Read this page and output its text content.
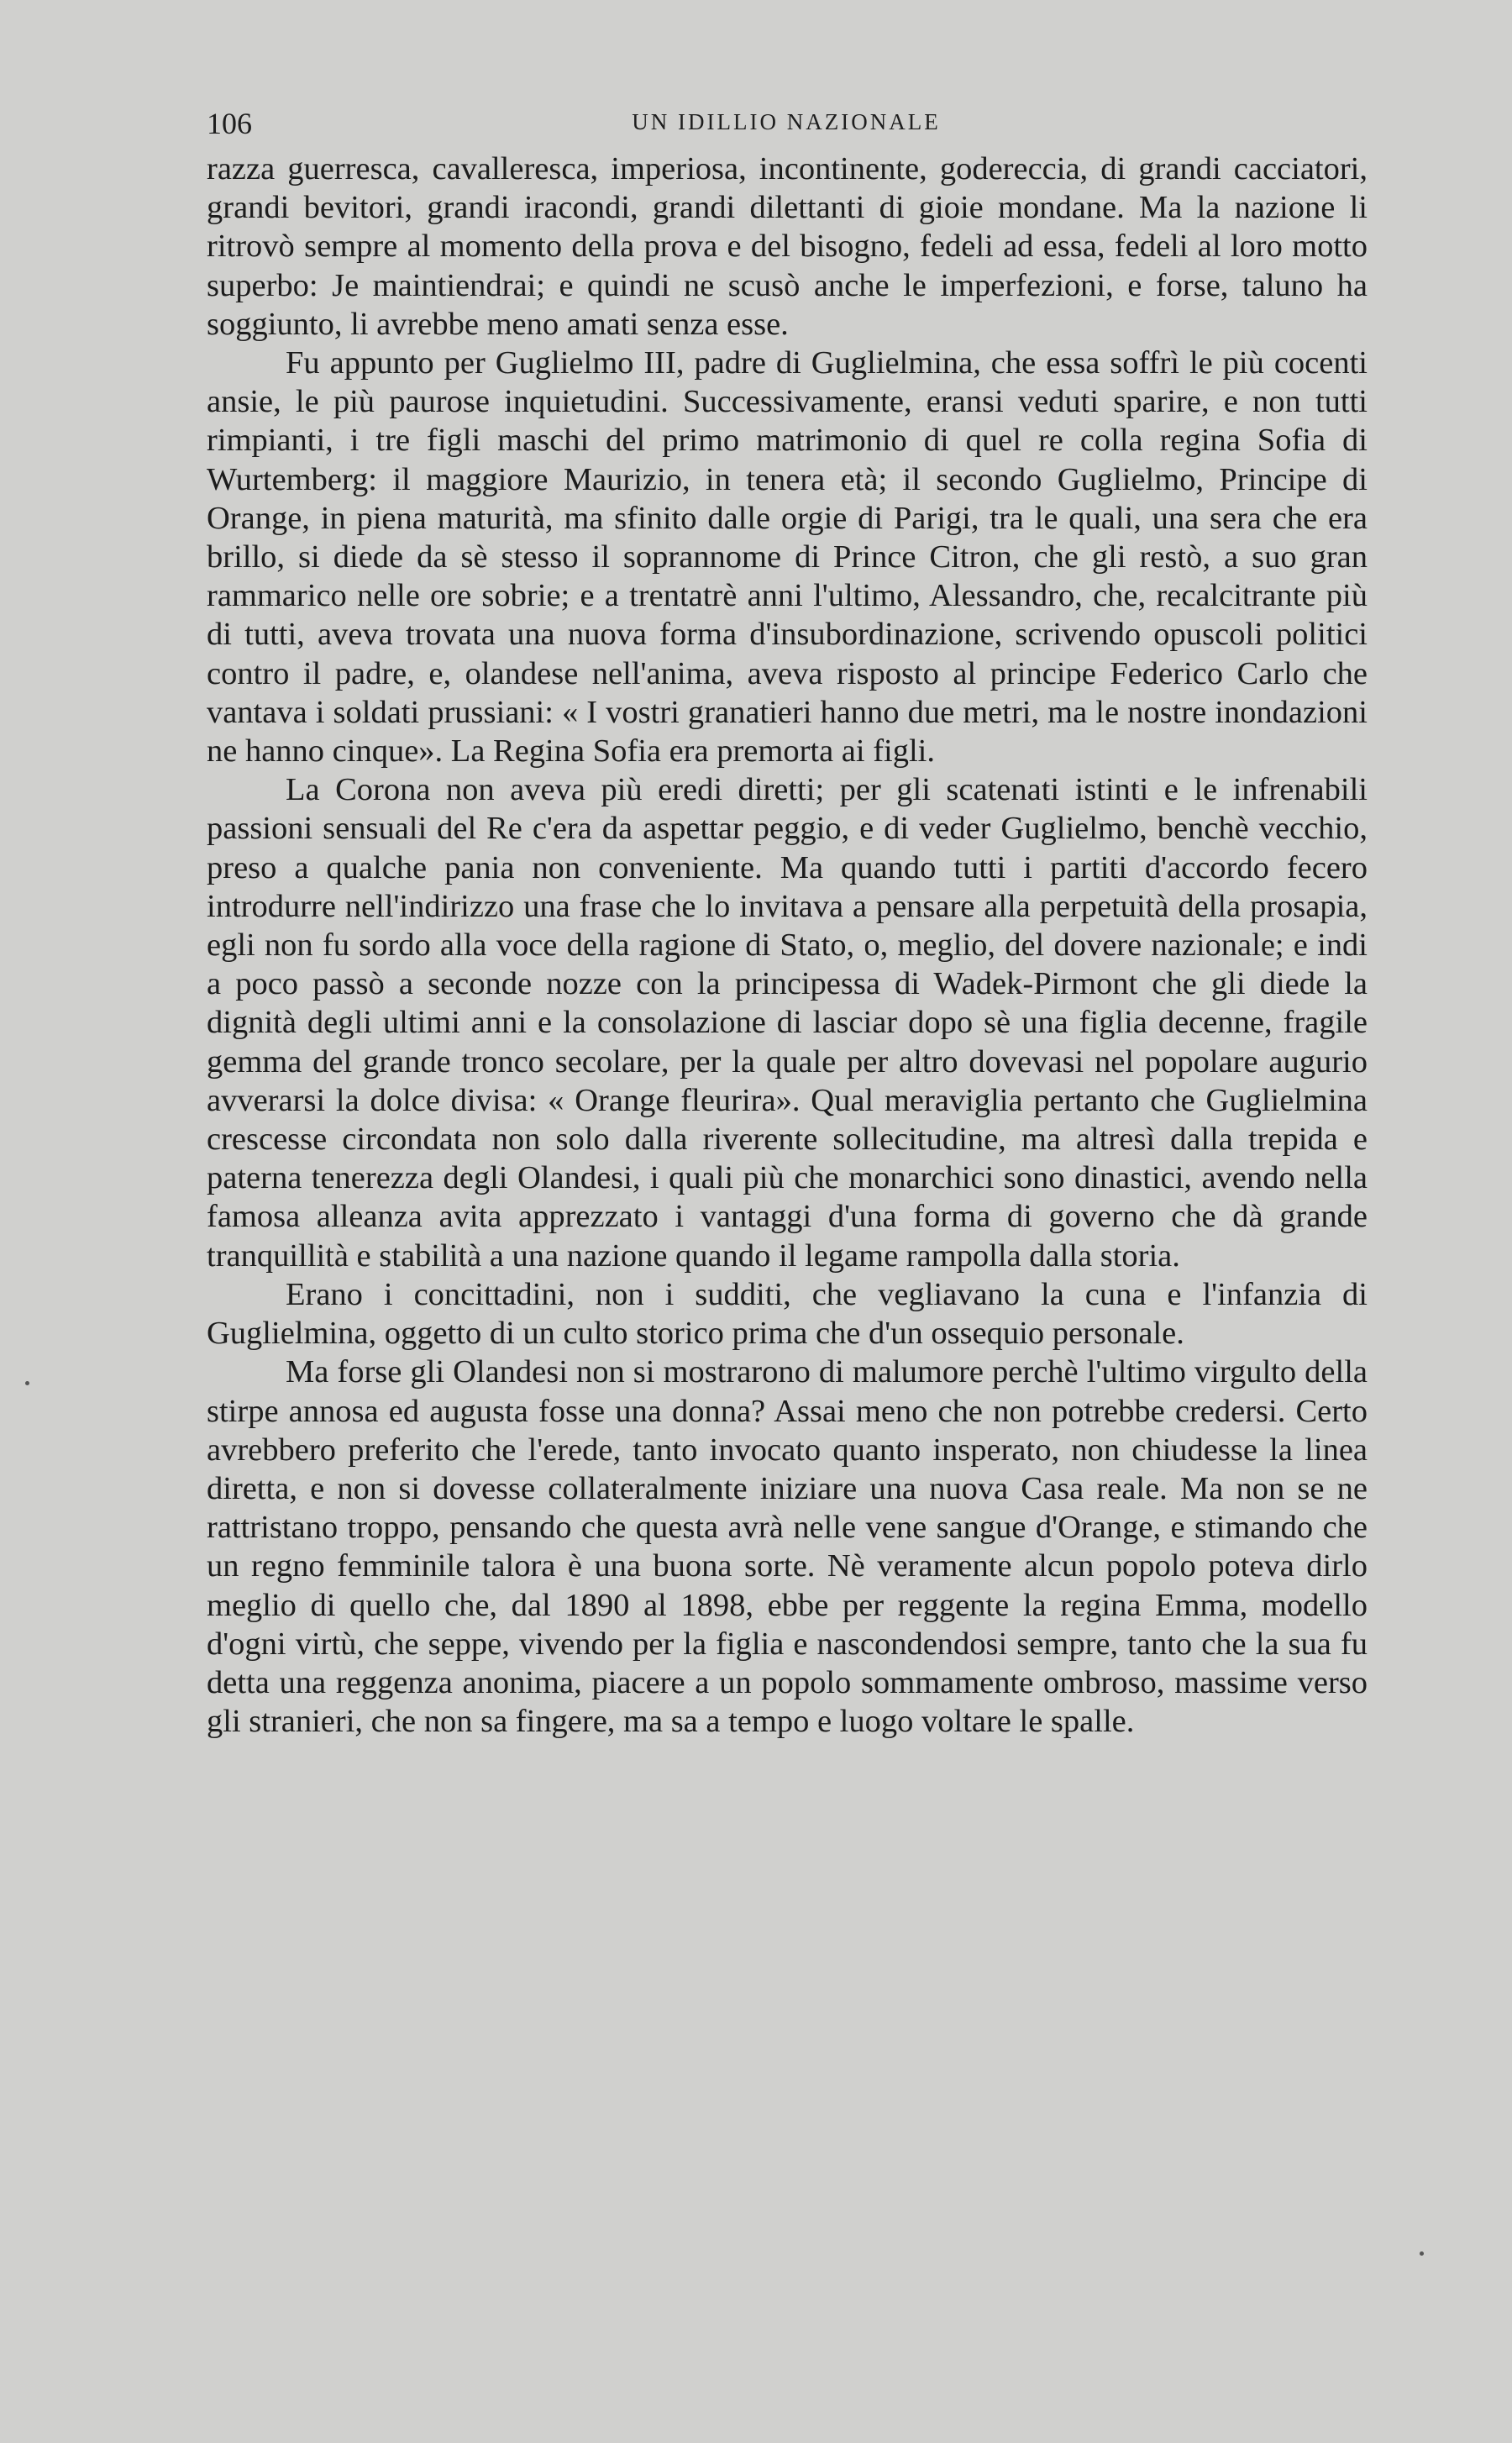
106	UN IDILLIO NAZIONALE

razza guerresca, cavalleresca, imperiosa, incontinente, godereccia, di grandi cacciatori, grandi bevitori, grandi iracondi, grandi dilettanti di gioie mondane. Ma la nazione li ritrovò sempre al momento della prova e del bisogno, fedeli ad essa, fedeli al loro motto superbo: Je maintiendrai; e quindi ne scusò anche le imperfezioni, e forse, taluno ha soggiunto, li avrebbe meno amati senza esse.

Fu appunto per Guglielmo III, padre di Guglielmina, che essa soffrì le più cocenti ansie, le più paurose inquietudini. Successivamente, eransi veduti sparire, e non tutti rimpianti, i tre figli maschi del primo matrimonio di quel re colla regina Sofia di Wurtemberg: il maggiore Maurizio, in tenera età; il secondo Guglielmo, Principe di Orange, in piena maturità, ma sfinito dalle orgie di Parigi, tra le quali, una sera che era brillo, si diede da sè stesso il soprannome di Prince Citron, che gli restò, a suo gran rammarico nelle ore sobrie; e a trentatrè anni l'ultimo, Alessandro, che, recalcitrante più di tutti, aveva trovata una nuova forma d'insubordinazione, scrivendo opuscoli politici contro il padre, e, olandese nell'anima, aveva risposto al principe Federico Carlo che vantava i soldati prussiani: « I vostri granatieri hanno due metri, ma le nostre inondazioni ne hanno cinque». La Regina Sofia era premorta ai figli.

La Corona non aveva più eredi diretti; per gli scatenati istinti e le infrenabili passioni sensuali del Re c'era da aspettar peggio, e di veder Guglielmo, benchè vecchio, preso a qualche pania non conveniente. Ma quando tutti i partiti d'accordo fecero introdurre nell'indirizzo una frase che lo invitava a pensare alla perpetuità della prosapia, egli non fu sordo alla voce della ragione di Stato, o, meglio, del dovere nazionale; e indi a poco passò a seconde nozze con la principessa di Wadek-Pirmont che gli diede la dignità degli ultimi anni e la consolazione di lasciar dopo sè una figlia decenne, fragile gemma del grande tronco secolare, per la quale per altro dovevasi nel popolare augurio avverarsi la dolce divisa: « Orange fleurira». Qual meraviglia pertanto che Guglielmina crescesse circondata non solo dalla riverente sollecitudine, ma altresì dalla trepida e paterna tenerezza degli Olandesi, i quali più che monarchici sono dinastici, avendo nella famosa alleanza avita apprezzato i vantaggi d'una forma di governo che dà grande tranquillità e stabilità a una nazione quando il legame rampolla dalla storia.

Erano i concittadini, non i sudditi, che vegliavano la cuna e l'infanzia di Guglielmina, oggetto di un culto storico prima che d'un ossequio personale.

Ma forse gli Olandesi non si mostrarono di malumore perchè l'ultimo virgulto della stirpe annosa ed augusta fosse una donna? Assai meno che non potrebbe credersi. Certo avrebbero preferito che l'erede, tanto invocato quanto insperato, non chiudesse la linea diretta, e non si dovesse collateralmente iniziare una nuova Casa reale. Ma non se ne rattristano troppo, pensando che questa avrà nelle vene sangue d'Orange, e stimando che un regno femminile talora è una buona sorte. Nè veramente alcun popolo poteva dirlo meglio di quello che, dal 1890 al 1898, ebbe per reggente la regina Emma, modello d'ogni virtù, che seppe, vivendo per la figlia e nascondendosi sempre, tanto che la sua fu detta una reggenza anonima, piacere a un popolo sommamente ombroso, massime verso gli stranieri, che non sa fingere, ma sa a tempo e luogo voltare le spalle.
